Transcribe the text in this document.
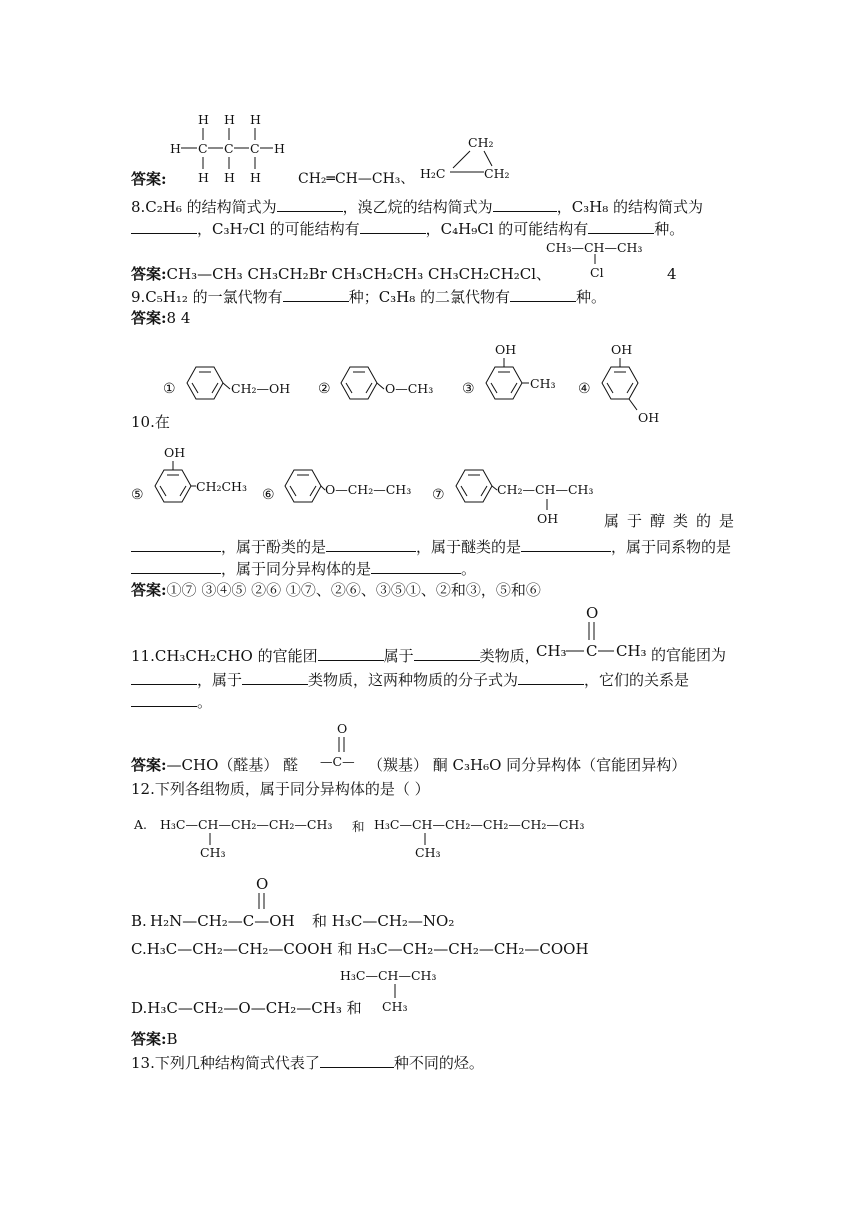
H H H
H C C C H
H H H
答案:	CH₂═CH—CH₃、
CH₂
H₂C	CH₂
8.C₂H₆ 的结构简式为	，溴乙烷的结构简式为	，C₃H₈ 的结构简式为
，C₃H₇Cl 的可能结构有	，C₄H₉Cl 的可能结构有	种。
CH₃—CH—CH₃
Cl
答案:CH₃—CH₃ CH₃CH₂Br CH₃CH₂CH₃ CH₃CH₂CH₂Cl、	4
9.C₅H₁₂ 的一氯代物有	种；C₃H₈ 的二氯代物有	种。
答案:8 4
①	CH₂—OH ②	O—CH₃ ③
OH
CH₃ ④
OH
OH
10.在
⑤
OH
CH₂CH₃
⑥	O—CH₂—CH₃ ⑦	CH₂—CH—CH₃
OH	属于醇类的是
，属于酚类的是	，属于醚类的是	，属于同系物的是
，属于同分异构体的是	。
答案:①⑦ ③④⑤ ②⑥ ①⑦、②⑥、③⑤①、②和③，⑤和⑥
11.CH₃CH₂CHO 的官能团	属于	类物质，
O
CH₃ C CH₃ 的官能团为
，属于	类物质，这两种物质的分子式为	，它们的关系是
。
答案:—CHO（醛基） 醛
O
—C— （羰基） 酮 C₃H₆O 同分异构体（官能团异构）
12.下列各组物质，属于同分异构体的是（ ）
A. H₃C—CH—CH₂—CH₂—CH₃ 和 H₃C—CH—CH₂—CH₂—CH₂—CH₃
CH₃	CH₃
B.
O
H₂N—CH₂—C—OH 和 H₃C—CH₂—NO₂
C.H₃C—CH₂—CH₂—COOH 和 H₃C—CH₂—CH₂—CH₂—COOH
H₃C—CH—CH₃
D.H₃C—CH₂—O—CH₂—CH₃ 和 CH₃
答案:B
13.下列几种结构简式代表了	种不同的烃。
